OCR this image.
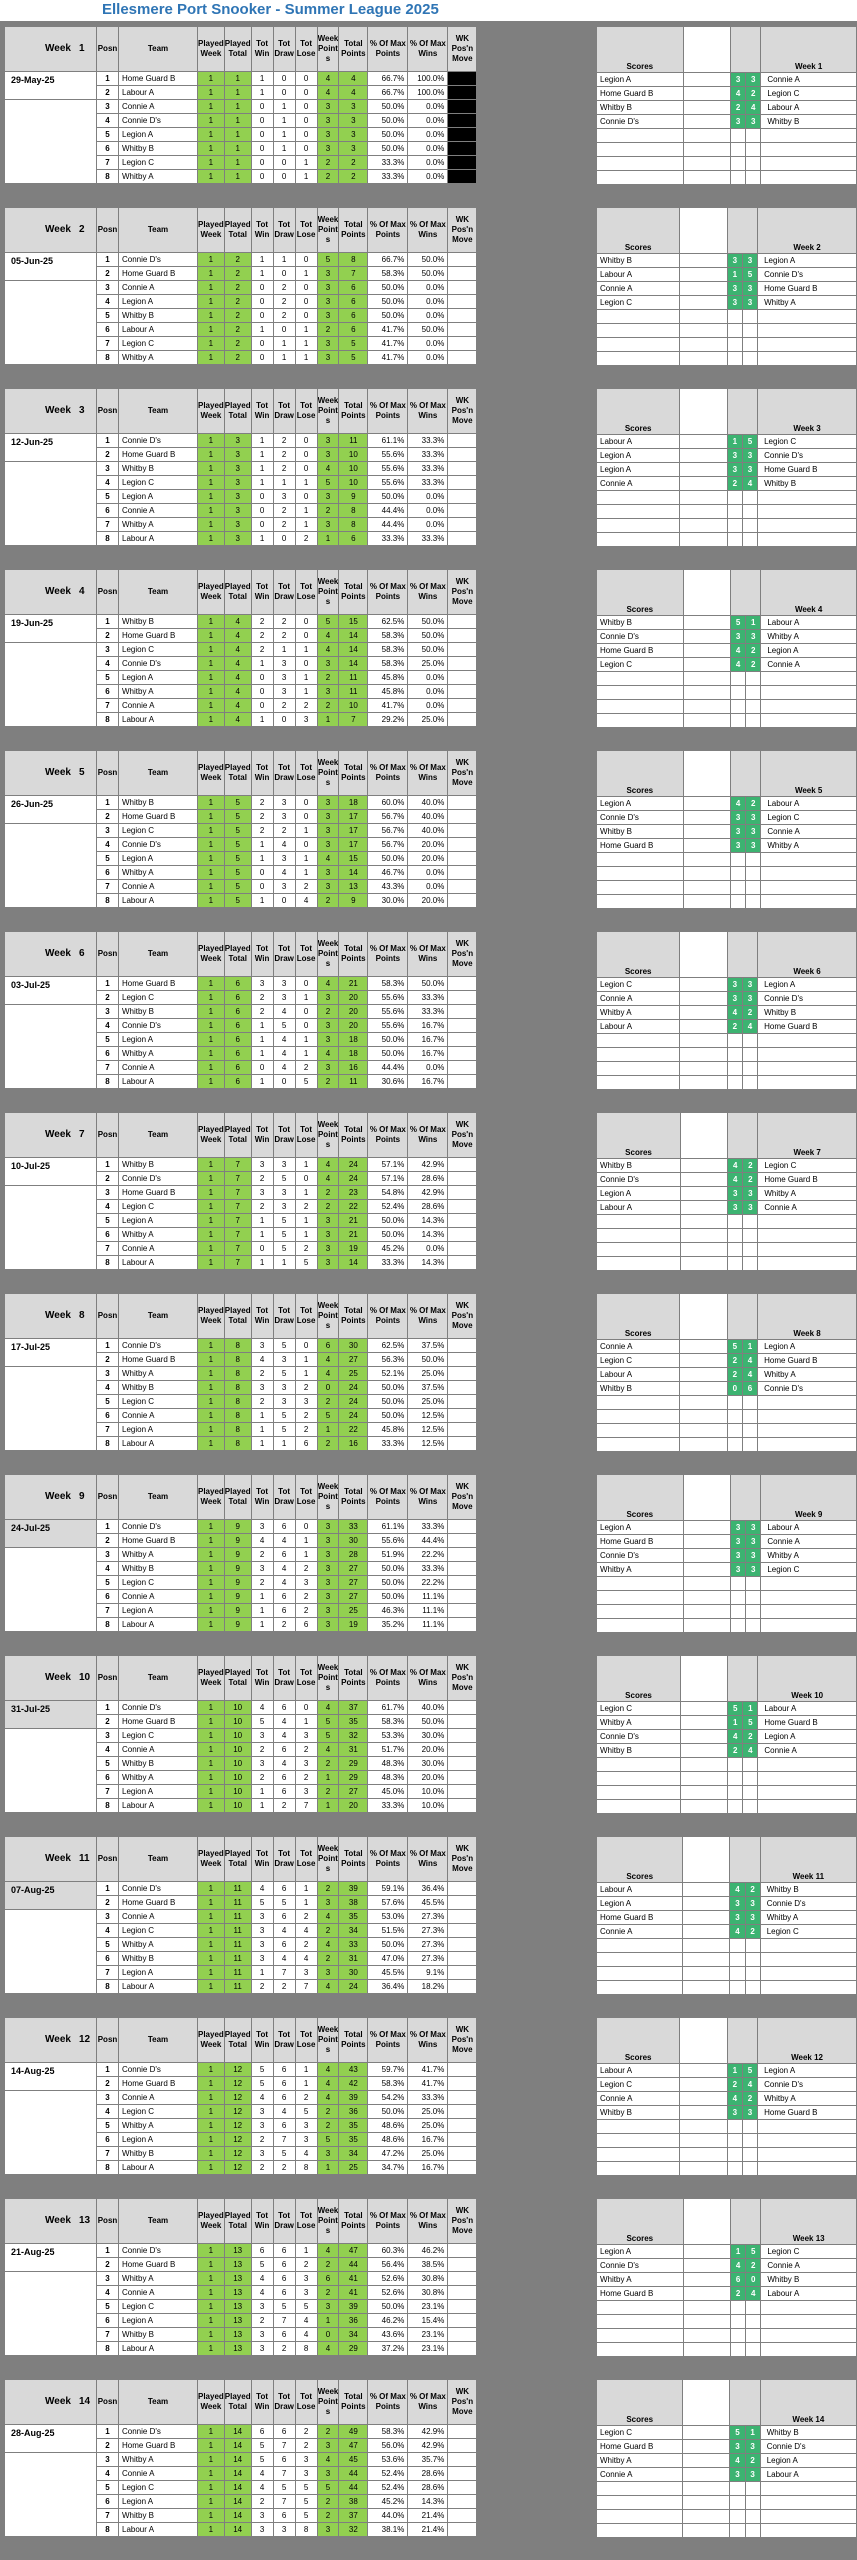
Ellesmere Port Snooker - Summer League 2025
Week 1	Posn	Team	Played Week	Played Total	Tot Win	Tot Draw	Tot Lose	Week Point s	Total Points	% Of Max Points	% Of Max Wins	WK Pos'n Move
29-May-25	1	Home Guard B	1	1	1	0	0	4	4	66.7%	100.0%	
	2	Labour A	1	1	1	0	0	4	4	66.7%	100.0%	
	3	Connie A	1	1	0	1	0	3	3	50.0%	0.0%	
	4	Connie D's	1	1	0	1	0	3	3	50.0%	0.0%	
	5	Legion A	1	1	0	1	0	3	3	50.0%	0.0%	
	6	Whitby B	1	1	0	1	0	3	3	50.0%	0.0%	
	7	Legion C	1	1	0	0	1	2	2	33.3%	0.0%	
	8	Whitby A	1	1	0	0	1	2	2	33.3%	0.0%	
Scores				Week 1
Legion A		3	3	Connie A
Home Guard B		4	2	Legion C
Whitby B		2	4	Labour A
Connie D's		3	3	Whitby B

Week 2	Posn	Team	Played Week	Played Total	Tot Win	Tot Draw	Tot Lose	Week Point s	Total Points	% Of Max Points	% Of Max Wins	WK Pos'n Move
05-Jun-25	1	Connie D's	1	2	1	1	0	5	8	66.7%	50.0%	
	2	Home Guard B	1	2	1	0	1	3	7	58.3%	50.0%	
	3	Connie A	1	2	0	2	0	3	6	50.0%	0.0%	
	4	Legion A	1	2	0	2	0	3	6	50.0%	0.0%	
	5	Whitby B	1	2	0	2	0	3	6	50.0%	0.0%	
	6	Labour A	1	2	1	0	1	2	6	41.7%	50.0%	
	7	Legion C	1	2	0	1	1	3	5	41.7%	0.0%	
	8	Whitby A	1	2	0	1	1	3	5	41.7%	0.0%	
Scores				Week 2
Whitby B		3	3	Legion A
Labour A		1	5	Connie D's
Connie A		3	3	Home Guard B
Legion C		3	3	Whitby A

Week 3	Posn	Team	Played Week	Played Total	Tot Win	Tot Draw	Tot Lose	Week Point s	Total Points	% Of Max Points	% Of Max Wins	WK Pos'n Move
12-Jun-25	1	Connie D's	1	3	1	2	0	3	11	61.1%	33.3%	
	2	Home Guard B	1	3	1	2	0	3	10	55.6%	33.3%	
	3	Whitby B	1	3	1	2	0	4	10	55.6%	33.3%	
	4	Legion C	1	3	1	1	1	5	10	55.6%	33.3%	
	5	Legion A	1	3	0	3	0	3	9	50.0%	0.0%	
	6	Connie A	1	3	0	2	1	2	8	44.4%	0.0%	
	7	Whitby A	1	3	0	2	1	3	8	44.4%	0.0%	
	8	Labour A	1	3	1	0	2	1	6	33.3%	33.3%	
Scores				Week 3
Labour A		1	5	Legion C
Legion A		3	3	Connie D's
Legion A		3	3	Home Guard B
Connie A		2	4	Whitby B

Week 4	Posn	Team	Played Week	Played Total	Tot Win	Tot Draw	Tot Lose	Week Point s	Total Points	% Of Max Points	% Of Max Wins	WK Pos'n Move
19-Jun-25	1	Whitby B	1	4	2	2	0	5	15	62.5%	50.0%	
	2	Home Guard B	1	4	2	2	0	4	14	58.3%	50.0%	
	3	Legion C	1	4	2	1	1	4	14	58.3%	50.0%	
	4	Connie D's	1	4	1	3	0	3	14	58.3%	25.0%	
	5	Legion A	1	4	0	3	1	2	11	45.8%	0.0%	
	6	Whitby A	1	4	0	3	1	3	11	45.8%	0.0%	
	7	Connie A	1	4	0	2	2	2	10	41.7%	0.0%	
	8	Labour A	1	4	1	0	3	1	7	29.2%	25.0%	
Scores				Week 4
Whitby B		5	1	Labour A
Connie D's		3	3	Whitby A
Home Guard B		4	2	Legion A
Legion C		4	2	Connie A

Week 5	Posn	Team	Played Week	Played Total	Tot Win	Tot Draw	Tot Lose	Week Point s	Total Points	% Of Max Points	% Of Max Wins	WK Pos'n Move
26-Jun-25	1	Whitby B	1	5	2	3	0	3	18	60.0%	40.0%	
	2	Home Guard B	1	5	2	3	0	3	17	56.7%	40.0%	
	3	Legion C	1	5	2	2	1	3	17	56.7%	40.0%	
	4	Connie D's	1	5	1	4	0	3	17	56.7%	20.0%	
	5	Legion A	1	5	1	3	1	4	15	50.0%	20.0%	
	6	Whitby A	1	5	0	4	1	3	14	46.7%	0.0%	
	7	Connie A	1	5	0	3	2	3	13	43.3%	0.0%	
	8	Labour A	1	5	1	0	4	2	9	30.0%	20.0%	
Scores				Week 5
Legion A		4	2	Labour A
Connie D's		3	3	Legion C
Whitby B		3	3	Connie A
Home Guard B		3	3	Whitby A

Week 6	Posn	Team	Played Week	Played Total	Tot Win	Tot Draw	Tot Lose	Week Point s	Total Points	% Of Max Points	% Of Max Wins	WK Pos'n Move
03-Jul-25	1	Home Guard B	1	6	3	3	0	4	21	58.3%	50.0%	
	2	Legion C	1	6	2	3	1	3	20	55.6%	33.3%	
	3	Whitby B	1	6	2	4	0	2	20	55.6%	33.3%	
	4	Connie D's	1	6	1	5	0	3	20	55.6%	16.7%	
	5	Legion A	1	6	1	4	1	3	18	50.0%	16.7%	
	6	Whitby A	1	6	1	4	1	4	18	50.0%	16.7%	
	7	Connie A	1	6	0	4	2	3	16	44.4%	0.0%	
	8	Labour A	1	6	1	0	5	2	11	30.6%	16.7%	
Scores				Week 6
Legion C		3	3	Legion A
Connie A		3	3	Connie D's
Whitby A		4	2	Whitby B
Labour A		2	4	Home Guard B

Week 7	Posn	Team	Played Week	Played Total	Tot Win	Tot Draw	Tot Lose	Week Point s	Total Points	% Of Max Points	% Of Max Wins	WK Pos'n Move
10-Jul-25	1	Whitby B	1	7	3	3	1	4	24	57.1%	42.9%	
	2	Connie D's	1	7	2	5	0	4	24	57.1%	28.6%	
	3	Home Guard B	1	7	3	3	1	2	23	54.8%	42.9%	
	4	Legion C	1	7	2	3	2	2	22	52.4%	28.6%	
	5	Legion A	1	7	1	5	1	3	21	50.0%	14.3%	
	6	Whitby A	1	7	1	5	1	3	21	50.0%	14.3%	
	7	Connie A	1	7	0	5	2	3	19	45.2%	0.0%	
	8	Labour A	1	7	1	1	5	3	14	33.3%	14.3%	
Scores				Week 7
Whitby B		4	2	Legion C
Connie D's		4	2	Home Guard B
Legion A		3	3	Whitby A
Labour A		3	3	Connie A

Week 8	Posn	Team	Played Week	Played Total	Tot Win	Tot Draw	Tot Lose	Week Point s	Total Points	% Of Max Points	% Of Max Wins	WK Pos'n Move
17-Jul-25	1	Connie D's	1	8	3	5	0	6	30	62.5%	37.5%	
	2	Home Guard B	1	8	4	3	1	4	27	56.3%	50.0%	
	3	Whitby A	1	8	2	5	1	4	25	52.1%	25.0%	
	4	Whitby B	1	8	3	3	2	0	24	50.0%	37.5%	
	5	Legion C	1	8	2	3	3	2	24	50.0%	25.0%	
	6	Connie A	1	8	1	5	2	5	24	50.0%	12.5%	
	7	Legion A	1	8	1	5	2	1	22	45.8%	12.5%	
	8	Labour A	1	8	1	1	6	2	16	33.3%	12.5%	
Scores				Week 8
Connie A		5	1	Legion A
Legion C		2	4	Home Guard B
Labour A		2	4	Whitby A
Whitby B		0	6	Connie D's

Week 9	Posn	Team	Played Week	Played Total	Tot Win	Tot Draw	Tot Lose	Week Point s	Total Points	% Of Max Points	% Of Max Wins	WK Pos'n Move
24-Jul-25	1	Connie D's	1	9	3	6	0	3	33	61.1%	33.3%	
	2	Home Guard B	1	9	4	4	1	3	30	55.6%	44.4%	
	3	Whitby A	1	9	2	6	1	3	28	51.9%	22.2%	
	4	Whitby B	1	9	3	4	2	3	27	50.0%	33.3%	
	5	Legion C	1	9	2	4	3	3	27	50.0%	22.2%	
	6	Connie A	1	9	1	6	2	3	27	50.0%	11.1%	
	7	Legion A	1	9	1	6	2	3	25	46.3%	11.1%	
	8	Labour A	1	9	1	2	6	3	19	35.2%	11.1%	
Scores				Week 9
Legion A		3	3	Labour A
Home Guard B		3	3	Connie A
Connie D's		3	3	Whitby A
Whitby A		3	3	Legion C

Week 10	Posn	Team	Played Week	Played Total	Tot Win	Tot Draw	Tot Lose	Week Point s	Total Points	% Of Max Points	% Of Max Wins	WK Pos'n Move
31-Jul-25	1	Connie D's	1	10	4	6	0	4	37	61.7%	40.0%	
	2	Home Guard B	1	10	5	4	1	5	35	58.3%	50.0%	
	3	Legion C	1	10	3	4	3	5	32	53.3%	30.0%	
	4	Connie A	1	10	2	6	2	4	31	51.7%	20.0%	
	5	Whitby B	1	10	3	4	3	2	29	48.3%	30.0%	
	6	Whitby A	1	10	2	6	2	1	29	48.3%	20.0%	
	7	Legion A	1	10	1	6	3	2	27	45.0%	10.0%	
	8	Labour A	1	10	1	2	7	1	20	33.3%	10.0%	
Scores				Week 10
Legion C		5	1	Labour A
Whitby A		1	5	Home Guard B
Connie D's		4	2	Legion A
Whitby B		2	4	Connie A

Week 11	Posn	Team	Played Week	Played Total	Tot Win	Tot Draw	Tot Lose	Week Point s	Total Points	% Of Max Points	% Of Max Wins	WK Pos'n Move
07-Aug-25	1	Connie D's	1	11	4	6	1	2	39	59.1%	36.4%	
	2	Home Guard B	1	11	5	5	1	3	38	57.6%	45.5%	
	3	Connie A	1	11	3	6	2	4	35	53.0%	27.3%	
	4	Legion C	1	11	3	4	4	2	34	51.5%	27.3%	
	5	Whitby A	1	11	3	6	2	4	33	50.0%	27.3%	
	6	Whitby B	1	11	3	4	4	2	31	47.0%	27.3%	
	7	Legion A	1	11	1	7	3	3	30	45.5%	9.1%	
	8	Labour A	1	11	2	2	7	4	24	36.4%	18.2%	
Scores				Week 11
Labour A		4	2	Whitby B
Legion A		3	3	Connie D's
Home Guard B		3	3	Whitby A
Connie A		4	2	Legion C

Week 12	Posn	Team	Played Week	Played Total	Tot Win	Tot Draw	Tot Lose	Week Point s	Total Points	% Of Max Points	% Of Max Wins	WK Pos'n Move
14-Aug-25	1	Connie D's	1	12	5	6	1	4	43	59.7%	41.7%	
	2	Home Guard B	1	12	5	6	1	4	42	58.3%	41.7%	
	3	Connie A	1	12	4	6	2	4	39	54.2%	33.3%	
	4	Legion C	1	12	3	4	5	2	36	50.0%	25.0%	
	5	Whitby A	1	12	3	6	3	2	35	48.6%	25.0%	
	6	Legion A	1	12	2	7	3	5	35	48.6%	16.7%	
	7	Whitby B	1	12	3	5	4	3	34	47.2%	25.0%	
	8	Labour A	1	12	2	2	8	1	25	34.7%	16.7%	
Scores				Week 12
Labour A		1	5	Legion A
Legion C		2	4	Connie D's
Connie A		4	2	Whitby A
Whitby B		3	3	Home Guard B

Week 13	Posn	Team	Played Week	Played Total	Tot Win	Tot Draw	Tot Lose	Week Point s	Total Points	% Of Max Points	% Of Max Wins	WK Pos'n Move
21-Aug-25	1	Connie D's	1	13	6	6	1	4	47	60.3%	46.2%	
	2	Home Guard B	1	13	5	6	2	2	44	56.4%	38.5%	
	3	Whitby A	1	13	4	6	3	6	41	52.6%	30.8%	
	4	Connie A	1	13	4	6	3	2	41	52.6%	30.8%	
	5	Legion C	1	13	3	5	5	3	39	50.0%	23.1%	
	6	Legion A	1	13	2	7	4	1	36	46.2%	15.4%	
	7	Whitby B	1	13	3	6	4	0	34	43.6%	23.1%	
	8	Labour A	1	13	3	2	8	4	29	37.2%	23.1%	
Scores				Week 13
Legion A		1	5	Legion C
Connie D's		4	2	Connie A
Whitby A		6	0	Whitby B
Home Guard B		2	4	Labour A

Week 14	Posn	Team	Played Week	Played Total	Tot Win	Tot Draw	Tot Lose	Week Point s	Total Points	% Of Max Points	% Of Max Wins	WK Pos'n Move
28-Aug-25	1	Connie D's	1	14	6	6	2	2	49	58.3%	42.9%	
	2	Home Guard B	1	14	5	7	2	3	47	56.0%	42.9%	
	3	Whitby A	1	14	5	6	3	4	45	53.6%	35.7%	
	4	Connie A	1	14	4	7	3	3	44	52.4%	28.6%	
	5	Legion C	1	14	4	5	5	5	44	52.4%	28.6%	
	6	Legion A	1	14	2	7	5	2	38	45.2%	14.3%	
	7	Whitby B	1	14	3	6	5	2	37	44.0%	21.4%	
	8	Labour A	1	14	3	3	8	3	32	38.1%	21.4%	
Scores				Week 14
Legion C		5	1	Whitby B
Home Guard B		3	3	Connie D's
Whitby A		4	2	Legion A
Connie A		3	3	Labour A
